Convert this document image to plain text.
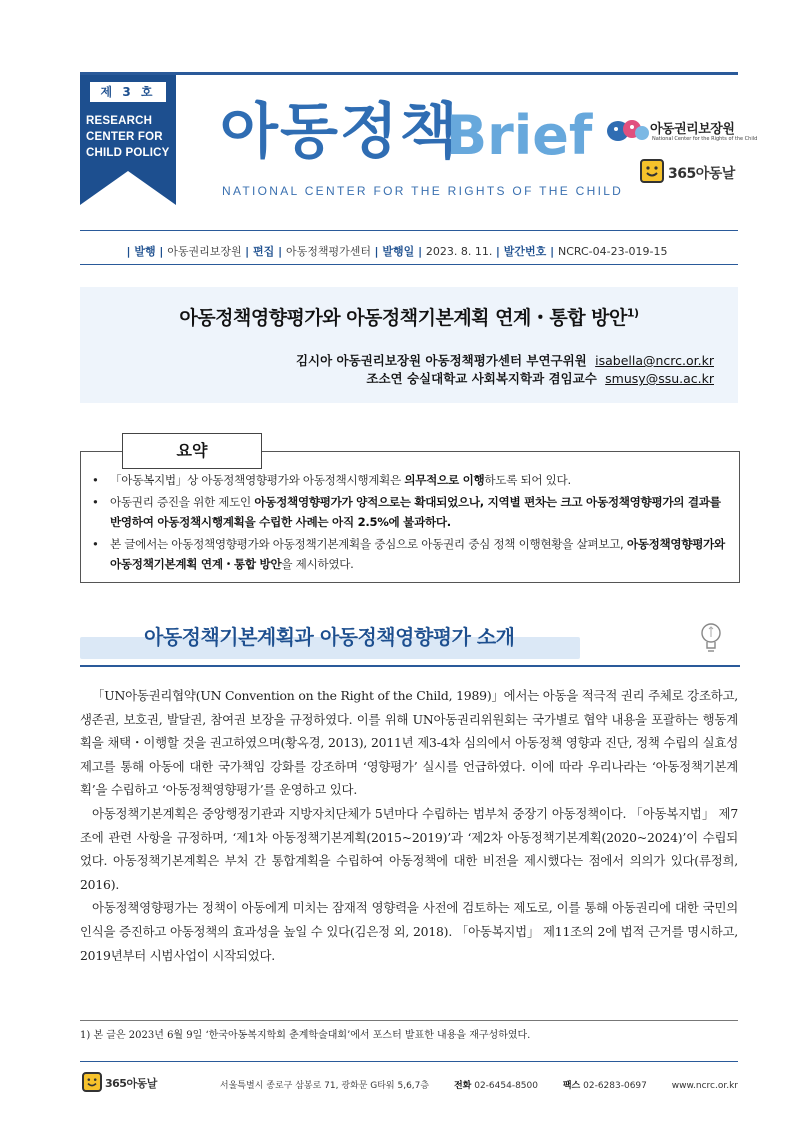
제 3 호
RESEARCH
CENTER FOR
CHILD POLICY 아동정책
Brief
NATIONAL CENTER FOR THE RIGHTS OF THE CHILD
아동권리보장원
National Center for the Rights of the Child
365아동날
| 발행 | 아동권리보장원 | 편집 | 아동정책평가센터 | 발행일 | 2023. 8. 11. | 발간번호 | NCRC-04-23-019-15
아동정책영향평가와 아동정책기본계획 연계・통합 방안$^{1)}$
김시아 아동권리보장원 아동정책평가센터 부연구위원 isabella@ncrc.or.kr
조소연 숭실대학교 사회복지학과 겸임교수 smusy@ssu.ac.kr
요약
• 「아동복지법」상 아동정책영향평가와 아동정책시행계획은 의무적으로 이행하도록 되어 있다.
• 아동권리 증진을 위한 제도인 아동정책영향평가가 양적으로는 확대되었으나, 지역별 편차는 크고 아동정책영향평가의 결과를 반영하여 아동정책시행계획을 수립한 사례는 아직 2.5%에 불과하다.
• 본 글에서는 아동정책영향평가와 아동정책기본계획을 중심으로 아동권리 중심 정책 이행현황을 살펴보고, 아동정책영향평가와 아동정책기본계획 연계・통합 방안을 제시하였다.
아동정책기본계획과 아동정책영향평가 소개

「UN아동권리협약(UN Convention on the Right of the Child, 1989)」에서는 아동을 적극적 권리 주체로 강조하고, 생존권, 보호권, 발달권, 참여권 보장을 규정하였다. 이를 위해 UN아동권리위원회는 국가별로 협약 내용을 포괄하는 행동계획을 채택・이행할 것을 권고하였으며(황옥경, 2013), 2011년 제3-4차 심의에서 아동정책 영향과 진단, 정책 수립의 실효성 제고를 통해 아동에 대한 국가책임 강화를 강조하며 ‘영향평가’ 실시를 언급하였다. 이에 따라 우리나라는 ‘아동정책기본계획’을 수립하고 ‘아동정책영향평가’를 운영하고 있다.

아동정책기본계획은 중앙행정기관과 지방자치단체가 5년마다 수립하는 범부처 중장기 아동정책이다. 「아동복지법」 제7조에 관련 사항을 규정하며, ‘제1차 아동정책기본계획(2015~2019)’과 ‘제2차 아동정책기본계획(2020~2024)’이 수립되었다. 아동정책기본계획은 부처 간 통합계획을 수립하여 아동정책에 대한 비전을 제시했다는 점에서 의의가 있다(류정희, 2016).

아동정책영향평가는 정책이 아동에게 미치는 잠재적 영향력을 사전에 검토하는 제도로, 이를 통해 아동권리에 대한 국민의 인식을 증진하고 아동정책의 효과성을 높일 수 있다(김은정 외, 2018). 「아동복지법」 제11조의 2에 법적 근거를 명시하고, 2019년부터 시범사업이 시작되었다.

1) 본 글은 2023년 6월 9일 ‘한국아동복지학회 춘계학술대회’에서 포스터 발표한 내용을 재구성하였다.
365아동날	서울특별시 종로구 삼봉로 71, 광화문 G타워 5,6,7층	전화 02-6454-8500	팩스 02-6283-0697	www.ncrc.or.kr
